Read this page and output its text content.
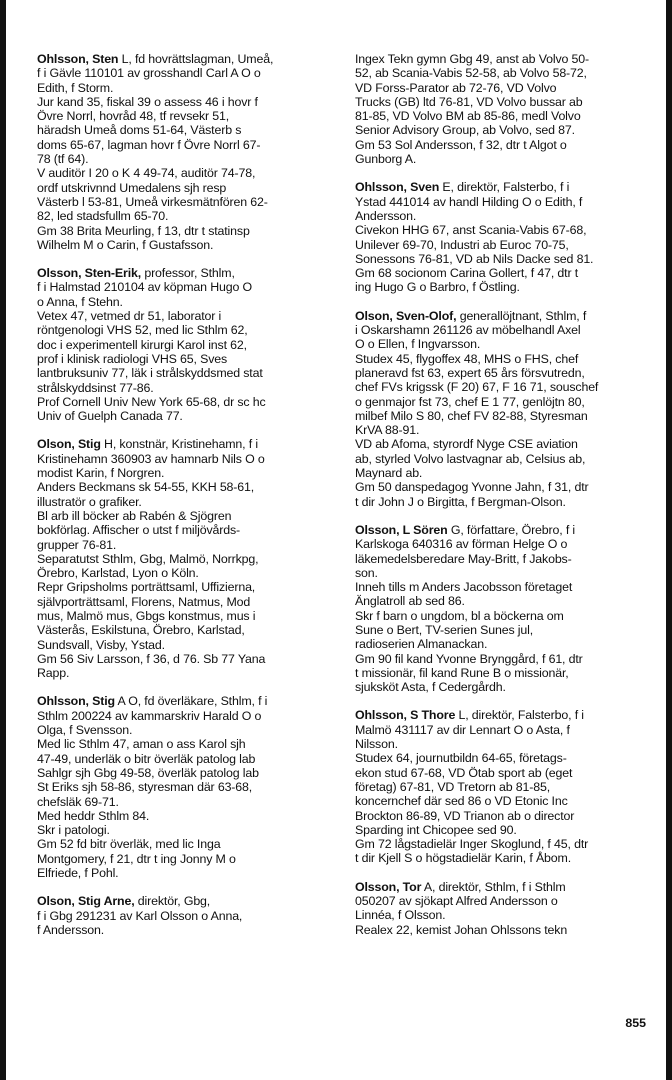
Ohlsson, Sten L, fd hovrättslagman, Umeå,
f i Gävle 110101 av grosshandl Carl A O o
Edith, f Storm.
Jur kand 35, fiskal 39 o assess 46 i hovr f
Övre Norrl, hovråd 48, tf revsekr 51,
häradsh Umeå doms 51-64, Västerb s
doms 65-67, lagman hovr f Övre Norrl 67-
78 (tf 64).
V auditör I 20 o K 4 49-74, auditör 74-78,
ordf utskrivnnd Umedalens sjh resp
Västerb l 53-81, Umeå virkesmätnfören 62-
82, led stadsfullm 65-70.
Gm 38 Brita Meurling, f 13, dtr t statinsp
Wilhelm M o Carin, f Gustafsson.
Olsson, Sten-Erik, professor, Sthlm,
f i Halmstad 210104 av köpman Hugo O
o Anna, f Stehn.
Vetex 47, vetmed dr 51, laborator i
röntgenologi VHS 52, med lic Sthlm 62,
doc i experimentell kirurgi Karol inst 62,
prof i klinisk radiologi VHS 65, Sves
lantbruksuniv 77, läk i strålskyddsmed stat
strålskyddsinst 77-86.
Prof Cornell Univ New York 65-68, dr sc hc
Univ of Guelph Canada 77.
Olson, Stig H, konstnär, Kristinehamn, f i
Kristinehamn 360903 av hamnarb Nils O o
modist Karin, f Norgren.
Anders Beckmans sk 54-55, KKH 58-61,
illustratör o grafiker.
Bl arb ill böcker ab Rabén & Sjögren
bokförlag. Affischer o utst f miljövårds-
grupper 76-81.
Separatutst Sthlm, Gbg, Malmö, Norrkpg,
Örebro, Karlstad, Lyon o Köln.
Repr Gripsholms porträttsaml, Uffizierna,
självporträttsaml, Florens, Natmus, Mod
mus, Malmö mus, Gbgs konstmus, mus i
Västerås, Eskilstuna, Örebro, Karlstad,
Sundsvall, Visby, Ystad.
Gm 56 Siv Larsson, f 36, d 76. Sb 77 Yana
Rapp.
Ohlsson, Stig A O, fd överläkare, Sthlm, f i
Sthlm 200224 av kammarskriv Harald O o
Olga, f Svensson.
Med lic Sthlm 47, aman o ass Karol sjh
47-49, underläk o bitr överläk patolog lab
Sahlgr sjh Gbg 49-58, överläk patolog lab
St Eriks sjh 58-86, styresman där 63-68,
chefsläk 69-71.
Med heddr Sthlm 84.
Skr i patologi.
Gm 52 fd bitr överläk, med lic Inga
Montgomery, f 21, dtr t ing Jonny M o
Elfriede, f Pohl.
Olson, Stig Arne, direktör, Gbg,
f i Gbg 291231 av Karl Olsson o Anna,
f Andersson.
Ingex Tekn gymn Gbg 49, anst ab Volvo 50-
52, ab Scania-Vabis 52-58, ab Volvo 58-72,
VD Forss-Parator ab 72-76, VD Volvo
Trucks (GB) ltd 76-81, VD Volvo bussar ab
81-85, VD Volvo BM ab 85-86, medl Volvo
Senior Advisory Group, ab Volvo, sed 87.
Gm 53 Sol Andersson, f 32, dtr t Algot o
Gunborg A.
Ohlsson, Sven E, direktör, Falsterbo, f i
Ystad 441014 av handl Hilding O o Edith, f
Andersson.
Civekon HHG 67, anst Scania-Vabis 67-68,
Unilever 69-70, Industri ab Euroc 70-75,
Sonessons 76-81, VD ab Nils Dacke sed 81.
Gm 68 socionom Carina Gollert, f 47, dtr t
ing Hugo G o Barbro, f Östling.
Olson, Sven-Olof, generallöjtnant, Sthlm, f
i Oskarshamn 261126 av möbelhandl Axel
O o Ellen, f Ingvarsson.
Studex 45, flygoffex 48, MHS o FHS, chef
planeravd fst 63, expert 65 års försvutredn,
chef FVs krigssk (F 20) 67, F 16 71, souschef
o genmajor fst 73, chef E 1 77, genlöjtn 80,
milbef Milo S 80, chef FV 82-88, Styresman
KrVA 88-91.
VD ab Afoma, styrordf Nyge CSE aviation
ab, styrled Volvo lastvagnar ab, Celsius ab,
Maynard ab.
Gm 50 danspedagog Yvonne Jahn, f 31, dtr
t dir John J o Birgitta, f Bergman-Olson.
Olsson, L Sören G, författare, Örebro, f i
Karlskoga 640316 av förman Helge O o
läkemedelsberedare May-Britt, f Jakobs-
son.
Inneh tills m Anders Jacobsson företaget
Änglatroll ab sed 86.
Skr f barn o ungdom, bl a böckerna om
Sune o Bert, TV-serien Sunes jul,
radioserien Almanackan.
Gm 90 fil kand Yvonne Brynggård, f 61, dtr
t missionär, fil kand Rune B o missionär,
sjuksköt Asta, f Cedergårdh.
Ohlsson, S Thore L, direktör, Falsterbo, f i
Malmö 431117 av dir Lennart O o Asta, f
Nilsson.
Studex 64, journutbildn 64-65, företags-
ekon stud 67-68, VD Ötab sport ab (eget
företag) 67-81, VD Tretorn ab 81-85,
koncernchef där sed 86 o VD Etonic Inc
Brockton 86-89, VD Trianon ab o director
Sparding int Chicopee sed 90.
Gm 72 lågstadielär Inger Skoglund, f 45, dtr
t dir Kjell S o högstadielär Karin, f Åbom.
Olsson, Tor A, direktör, Sthlm, f i Sthlm
050207 av sjökapt Alfred Andersson o
Linnéa, f Olsson.
Realex 22, kemist Johan Ohlssons tekn
855
